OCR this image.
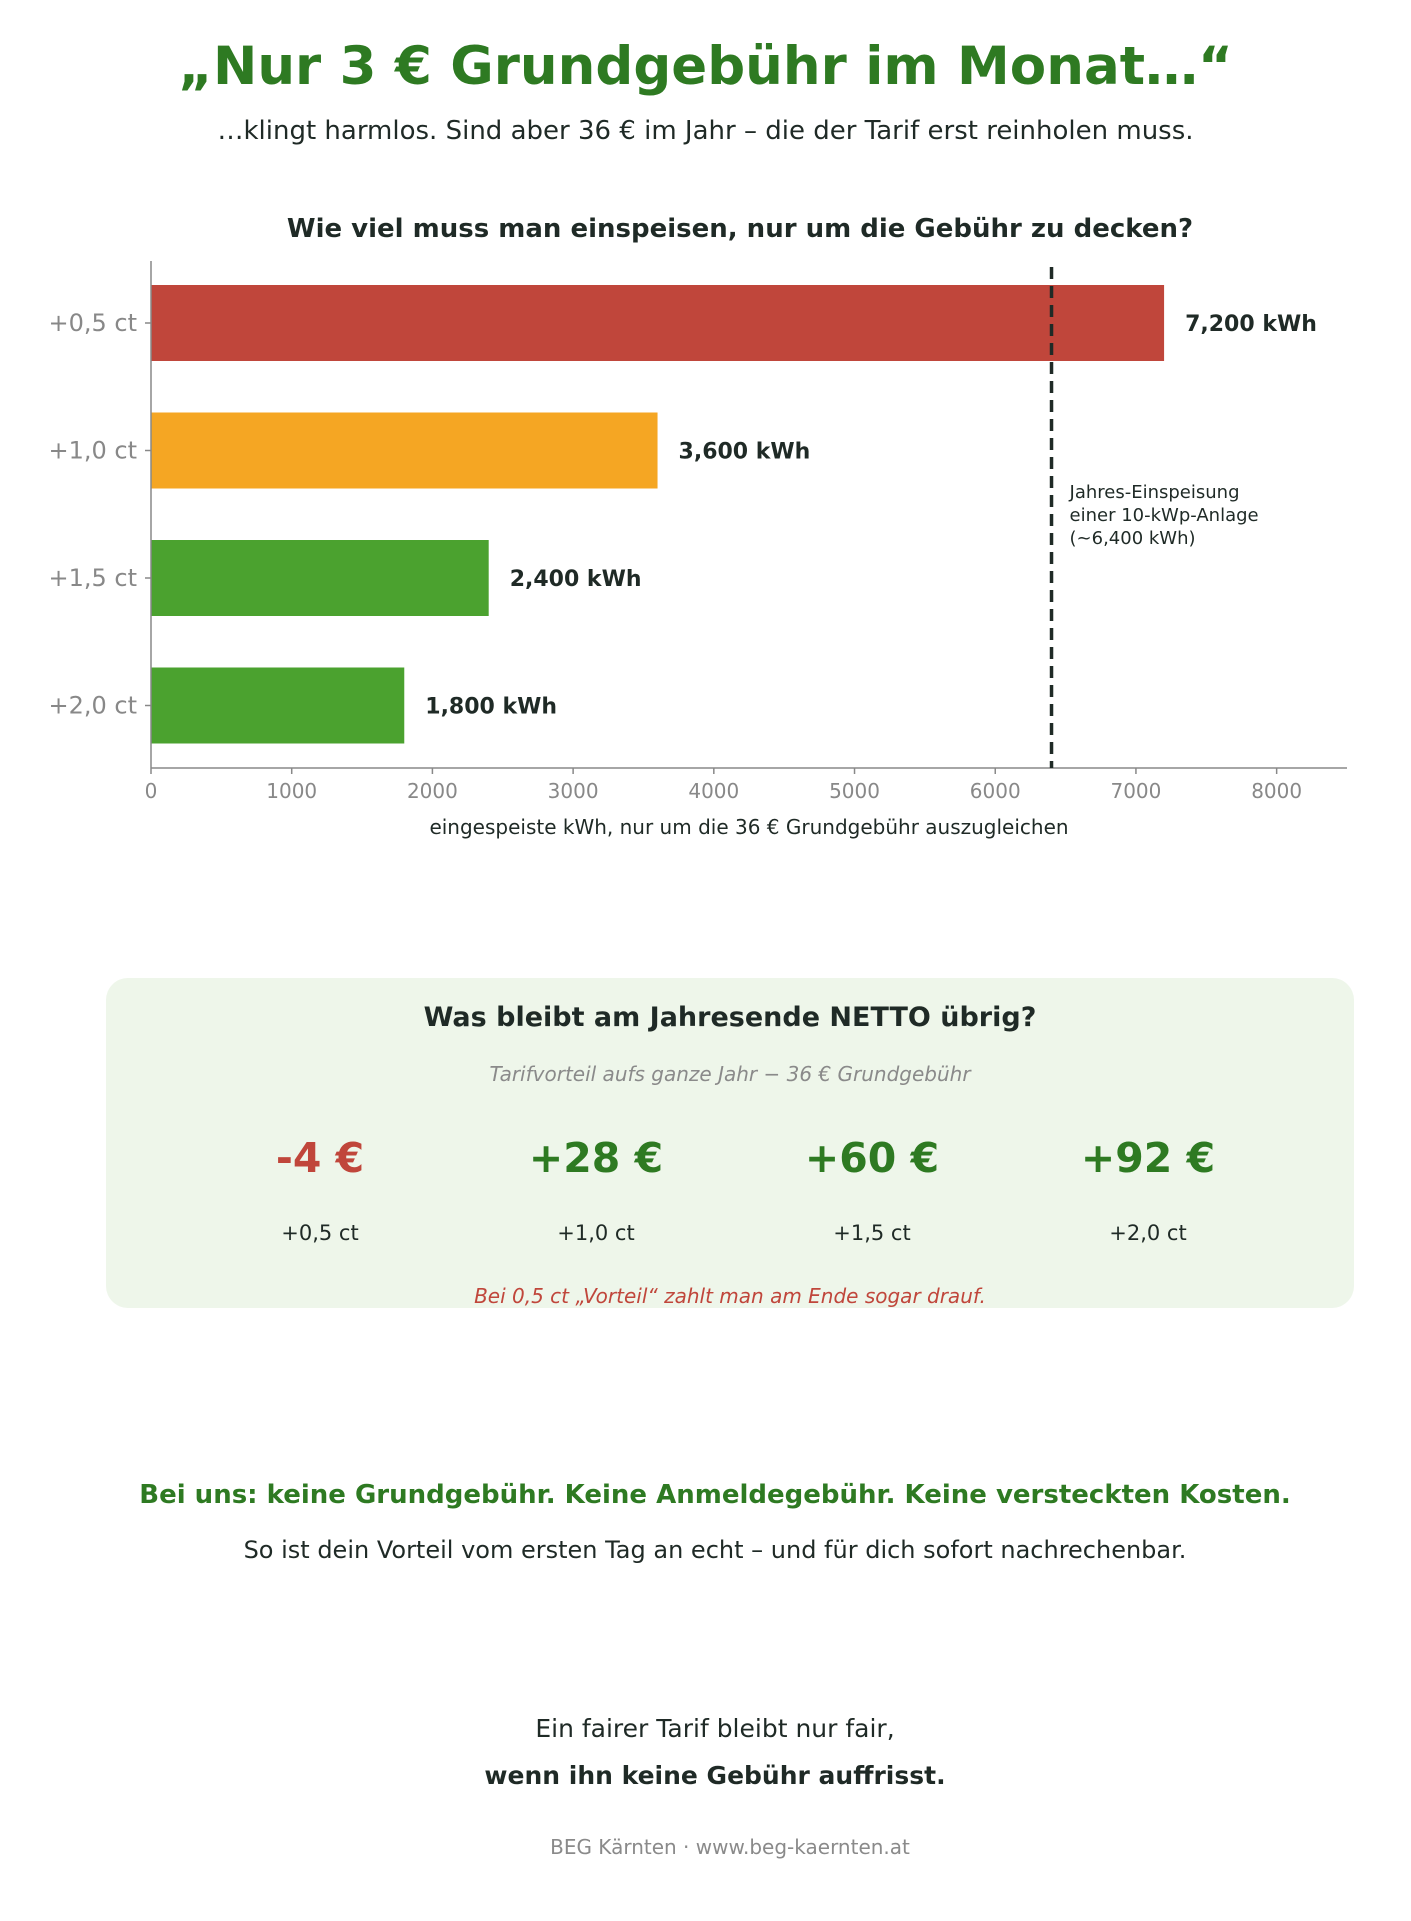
„Nur 3 € Grundgebühr im Monat…“
…klingt harmlos. Sind aber 36 € im Jahr – die der Tarif erst reinholen muss.
Wie viel muss man einspeisen, nur um die Gebühr zu decken?
7,200 kWh
+0,5 ct
3,600 kWh
+1,0 ct
2,400 kWh
+1,5 ct
1,800 kWh
+2,0 ct
0	1000	2000	3000	4000	5000	6000	7000	8000
eingespeiste kWh, nur um die 36 € Grundgebühr auszugleichen
Jahres-Einspeisung
einer 10-kWp-Anlage
(~6,400 kWh)
Was bleibt am Jahresende NETTO übrig?
Tarifvorteil aufs ganze Jahr − 36 € Grundgebühr
-4 €
+0,5 ct
+28 €
+1,0 ct
+60 €
+1,5 ct
+92 €
+2,0 ct
Bei 0,5 ct „Vorteil“ zahlt man am Ende sogar drauf.
Bei uns: keine Grundgebühr. Keine Anmeldegebühr. Keine versteckten Kosten.
So ist dein Vorteil vom ersten Tag an echt – und für dich sofort nachrechenbar.
Ein fairer Tarif bleibt nur fair,
wenn ihn keine Gebühr auffrisst.
BEG Kärnten · www.beg-kaernten.at
